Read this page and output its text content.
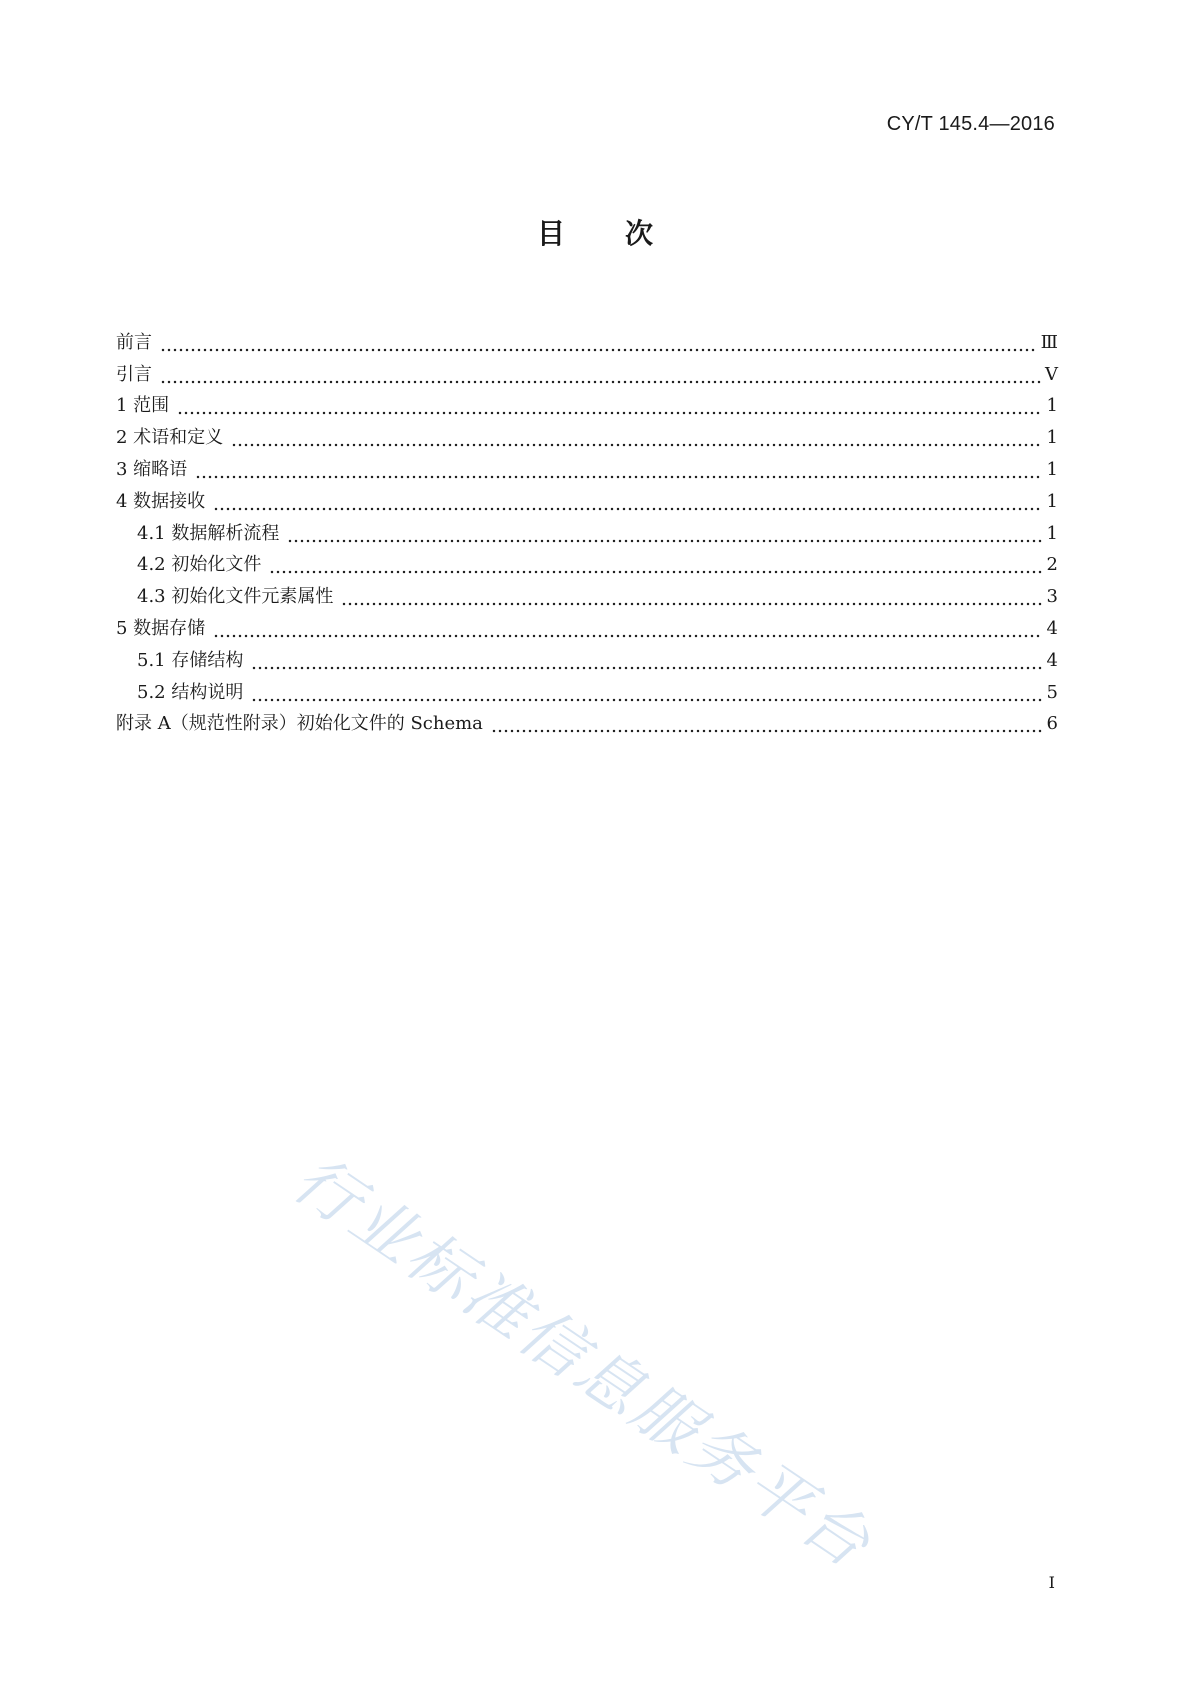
CY/T 145.4—2016
目次
前言	Ⅲ
引言	Ⅴ
1 范围	1
2 术语和定义	1
3 缩略语	1
4 数据接收	1
4.1 数据解析流程	1
4.2 初始化文件	2
4.3 初始化文件元素属性	3
5 数据存储	4
5.1 存储结构	4
5.2 结构说明	5
附录 A（规范性附录）初始化文件的 Schema	6
行业标准信息服务平台	I
